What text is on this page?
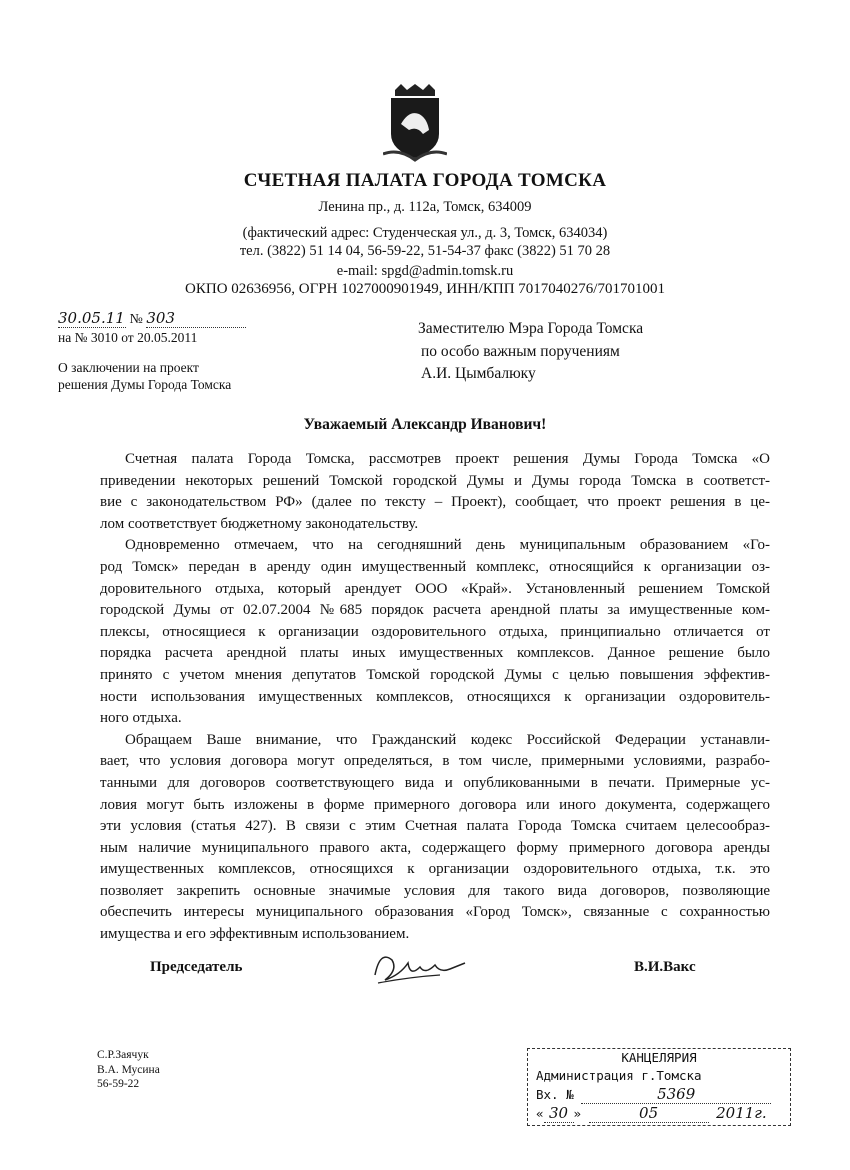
СЧЕТНАЯ ПАЛАТА ГОРОДА ТОМСКА
Ленина пр., д. 112а, Томск, 634009
(фактический адрес: Студенческая ул., д. 3, Томск, 634034)
тел. (3822) 51 14 04, 56-59-22, 51-54-37 факс (3822) 51 70 28
e-mail: spgd@admin.tomsk.ru
ОКПО 02636956, ОГРН 1027000901949, ИНН/КПП 7017040276/701701001
30.05.11 № 303
на № 3010 от 20.05.2011
О заключении на проект
решения Думы Города Томска
Заместителю Мэра Города Томска
по особо важным поручениям
А.И. Цымбалюку
Уважаемый Александр Иванович!
Счетная палата Города Томска, рассмотрев проект решения Думы Города Томска «О
приведении некоторых решений Томской городской Думы и Думы города Томска в соответст-
вие с законодательством РФ» (далее по тексту – Проект), сообщает, что проект решения в це-
лом соответствует бюджетному законодательству.
Одновременно отмечаем, что на сегодняшний день муниципальным образованием «Го-
род Томск» передан в аренду один имущественный комплекс, относящийся к организации оз-
доровительного отдыха, который арендует ООО «Край». Установленный решением Томской
городской Думы от 02.07.2004 №685 порядок расчета арендной платы за имущественные ком-
плексы, относящиеся к организации оздоровительного отдыха, принципиально отличается от
порядка расчета арендной платы иных имущественных комплексов. Данное решение было
принято с учетом мнения депутатов Томской городской Думы с целью повышения эффектив-
ности использования имущественных комплексов, относящихся к организации оздоровитель-
ного отдыха.
Обращаем Ваше внимание, что Гражданский кодекс Российской Федерации устанавли-
вает, что условия договора могут определяться, в том числе, примерными условиями, разрабо-
танными для договоров соответствующего вида и опубликованными в печати. Примерные ус-
ловия могут быть изложены в форме примерного договора или иного документа, содержащего
эти условия (статья 427). В связи с этим Счетная палата Города Томска считаем целесообраз-
ным наличие муниципального правого акта, содержащего форму примерного договора аренды
имущественных комплексов, относящихся к организации оздоровительного отдыха, т.к. это
позволяет закрепить основные значимые условия для такого вида договоров, позволяющие
обеспечить интересы муниципального образования «Город Томск», связанные с сохранностью
имущества и его эффективным использованием.
Председатель	В.И.Вакс
С.Р.Заячук
В.А. Мусина
56-59-22
КАНЦЕЛЯРИЯ
Администрация г.Томска
Вх. №	5369
« 30 »	05	2011г.
